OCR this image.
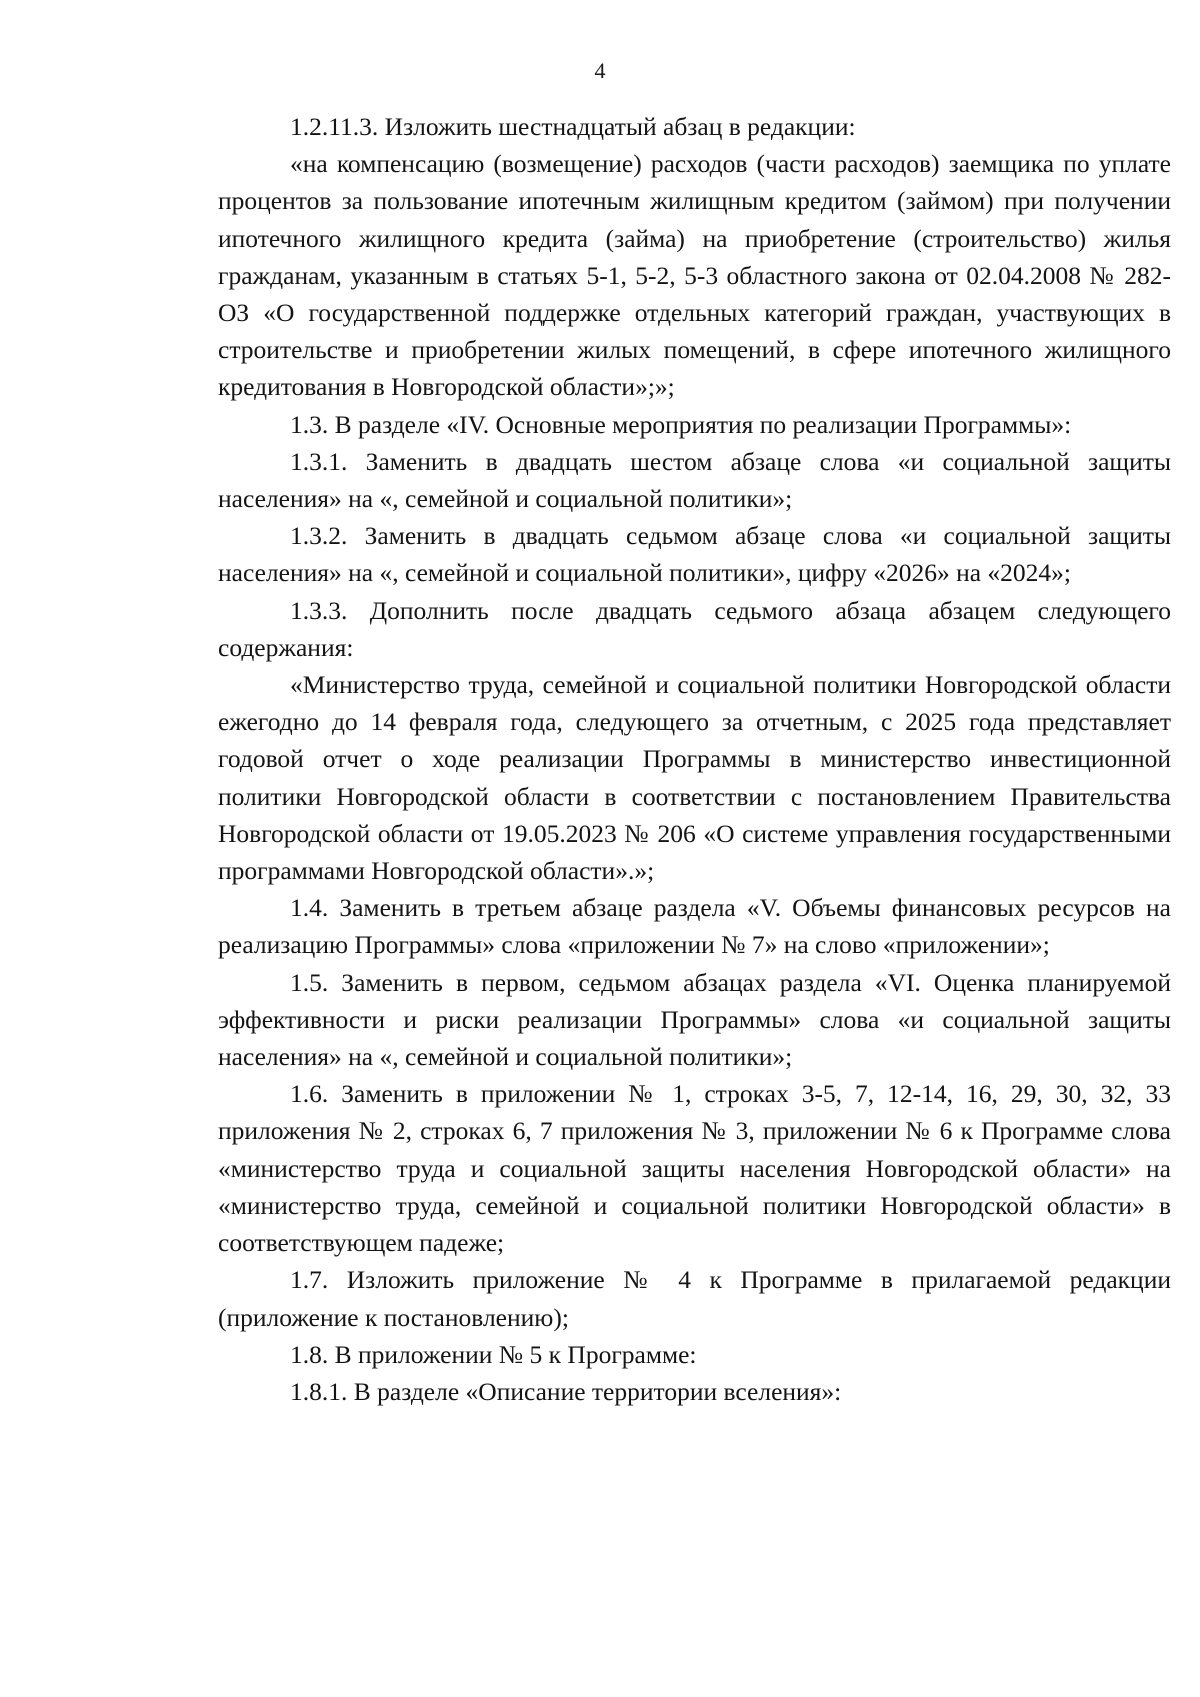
4

1.2.11.3. Изложить шестнадцатый абзац в редакции:

«на компенсацию (возмещение) расходов (части расходов) заемщика по уплате процентов за пользование ипотечным жилищным кредитом (займом) при получении ипотечного жилищного кредита (займа) на приобретение (строительство) жилья гражданам, указанным в статьях 5-1, 5-2, 5-3 областного закона от 02.04.2008 № 282-ОЗ «О государственной поддержке отдельных категорий граждан, участвующих в строительстве и приобретении жилых помещений, в сфере ипотечного жилищного кредитования в Новгородской области»;»;

1.3. В разделе «IV. Основные мероприятия по реализации Программы»:

1.3.1. Заменить в двадцать шестом абзаце слова «и социальной защиты населения» на «, семейной и социальной политики»;

1.3.2. Заменить в двадцать седьмом абзаце слова «и социальной защиты населения» на «, семейной и социальной политики», цифру «2026» на «2024»;

1.3.3. Дополнить после двадцать седьмого абзаца абзацем следующего содержания:

«Министерство труда, семейной и социальной политики Новгородской области ежегодно до 14 февраля года, следующего за отчетным, с 2025 года представляет годовой отчет о ходе реализации Программы в министерство инвестиционной политики Новгородской области в соответствии с постановлением Правительства Новгородской области от 19.05.2023 № 206 «О системе управления государственными программами Новгородской области».»;

1.4. Заменить в третьем абзаце раздела «V. Объемы финансовых ресурсов на реализацию Программы» слова «приложении № 7» на слово «приложении»;

1.5. Заменить в первом, седьмом абзацах раздела «VI. Оценка планируемой эффективности и риски реализации Программы» слова «и социальной защиты населения» на «, семейной и социальной политики»;

1.6. Заменить в приложении № 1, строках 3-5, 7, 12-14, 16, 29, 30, 32, 33 приложения № 2, строках 6, 7 приложения № 3, приложении № 6 к Программе слова «министерство труда и социальной защиты населения Новгородской области» на «министерство труда, семейной и социальной политики Новгородской области» в соответствующем падеже;

1.7. Изложить приложение № 4 к Программе в прилагаемой редакции (приложение к постановлению);

1.8. В приложении № 5 к Программе:

1.8.1. В разделе «Описание территории вселения»:
